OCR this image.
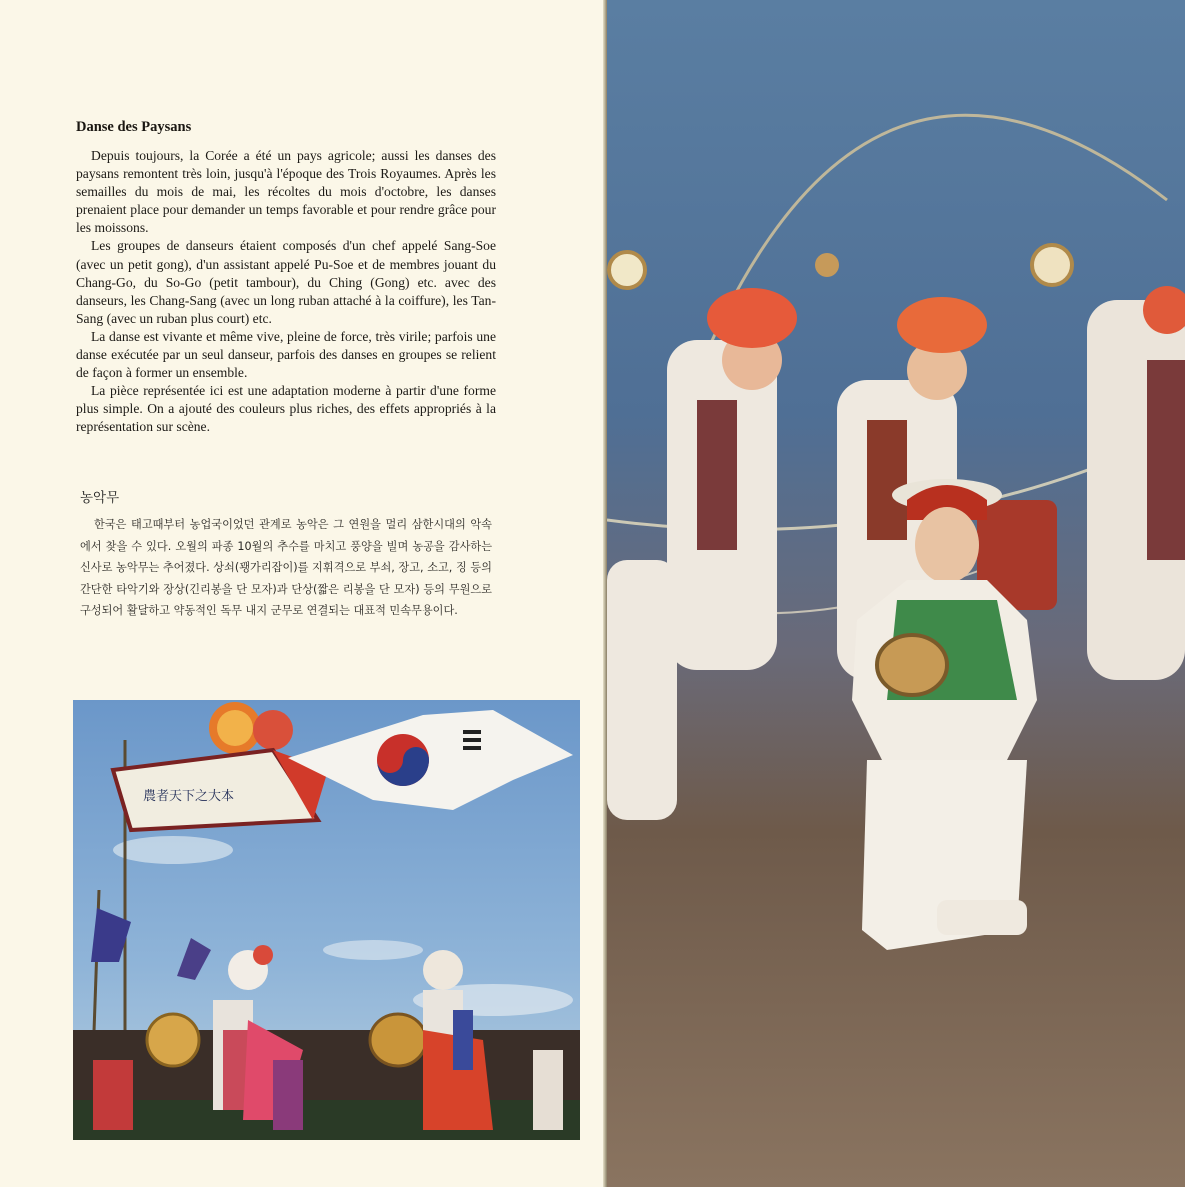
Danse des Paysans

Depuis toujours, la Corée a été un pays agricole; aussi les danses des paysans remontent très loin, jusqu'à l'époque des Trois Royaumes. Après les semailles du mois de mai, les récoltes du mois d'octobre, les danses prenaient place pour demander un temps favorable et pour rendre grâce pour les moissons.

Les groupes de danseurs étaient composés d'un chef appelé Sang-Soe (avec un petit gong), d'un assistant appelé Pu-Soe et de membres jouant du Chang-Go, du So-Go (petit tambour), du Ching (Gong) etc. avec des danseurs, les Chang-Sang (avec un long ruban attaché à la coiffure), les Tan-Sang (avec un ruban plus court) etc.

La danse est vivante et même vive, pleine de force, très virile; parfois une danse exécutée par un seul danseur, parfois des danses en groupes se relient de façon à former un ensemble.

La pièce représentée ici est une adaptation moderne à partir d'une forme plus simple. On a ajouté des couleurs plus riches, des effets appropriés à la représentation sur scène.

농악무

한국은 태고때부터 농업국이었던 관계로 농악은 그 연원을 멀리 삼한시대의 악속에서 찾을 수 있다. 오월의 파종 10월의 추수를 마치고 풍양을 빌며 농공을 감사하는 신사로 농악무는 추어졌다. 상쇠(꽹가리잡이)를 지휘격으로 부쇠, 장고, 소고, 징 등의 간단한 타악기와 장상(긴리봉을 단 모자)과 단상(짧은 리봉을 단 모자) 등의 무원으로 구성되어 활달하고 약동적인 독무 내지 군무로 연결되는 대표적 민속무용이다.

農者天下之大本
